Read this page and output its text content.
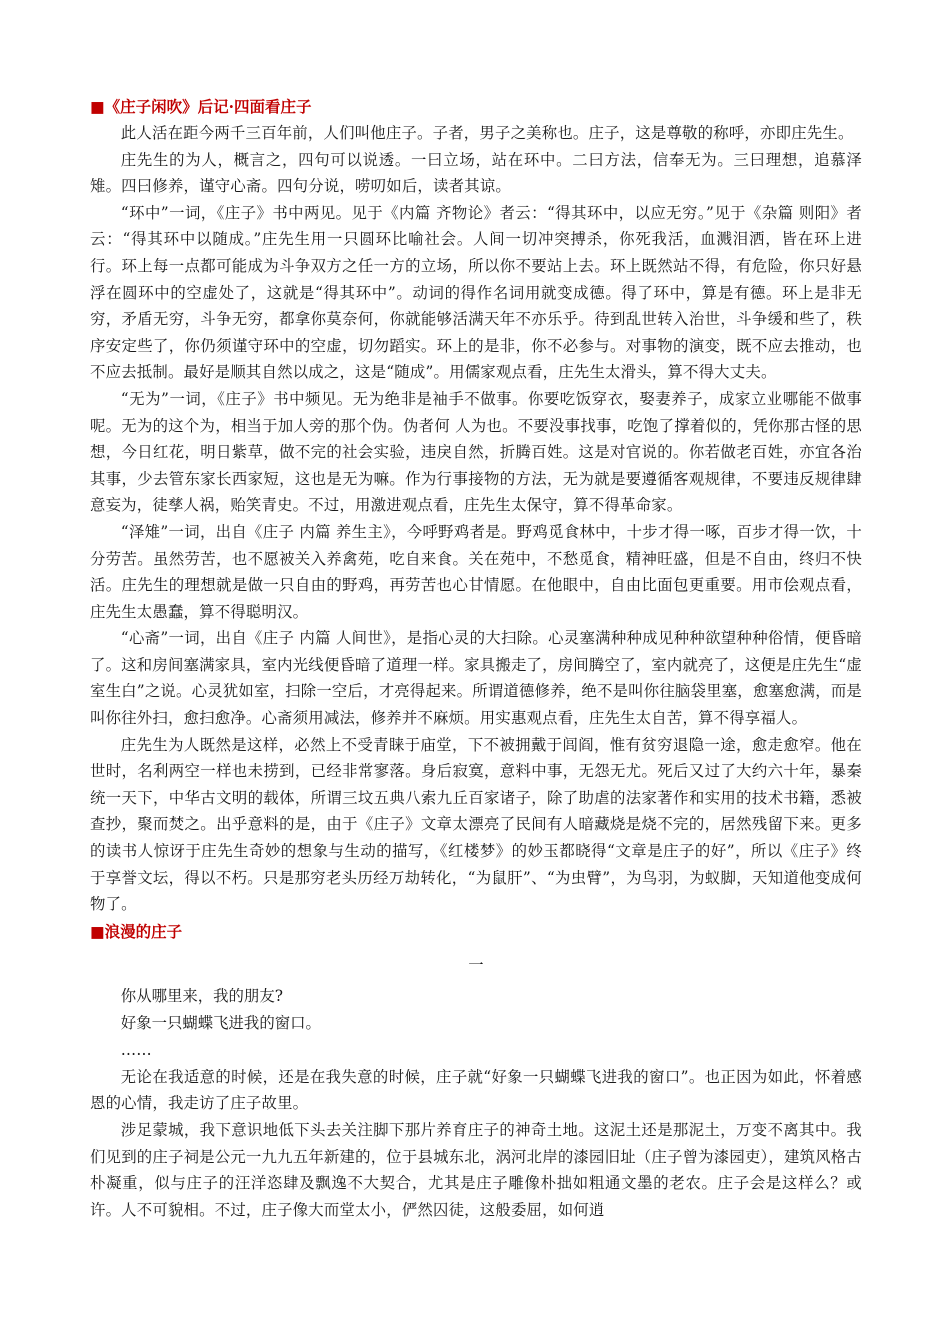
■《庄子闲吹》后记·四面看庄子

此人活在距今两千三百年前，人们叫他庄子。子者，男子之美称也。庄子，这是尊敬的称呼，亦即庄先生。

庄先生的为人，概言之，四句可以说透。一曰立场，站在环中。二曰方法，信奉无为。三曰理想，追慕泽雉。四曰修养，谨守心斋。四句分说，唠叨如后，读者其谅。

“环中”一词，《庄子》书中两见。见于《内篇 齐物论》者云：“得其环中，以应无穷。”见于《杂篇 则阳》者云：“得其环中以随成。”庄先生用一只圆环比喻社会。人间一切冲突搏杀，你死我活，血溅泪洒，皆在环上进行。环上每一点都可能成为斗争双方之任一方的立场，所以你不要站上去。环上既然站不得，有危险，你只好悬浮在圆环中的空虚处了，这就是“得其环中”。动词的得作名词用就变成德。得了环中，算是有德。环上是非无穷，矛盾无穷，斗争无穷，都拿你莫奈何，你就能够活满天年不亦乐乎。待到乱世转入治世，斗争缓和些了，秩序安定些了，你仍须谨守环中的空虚，切勿蹈实。环上的是非，你不必参与。对事物的演变，既不应去推动，也不应去抵制。最好是顺其自然以成之，这是“随成”。用儒家观点看，庄先生太滑头，算不得大丈夫。

“无为”一词，《庄子》书中频见。无为绝非是袖手不做事。你要吃饭穿衣，娶妻养子，成家立业哪能不做事呢。无为的这个为，相当于加人旁的那个伪。伪者何 人为也。不要没事找事，吃饱了撑着似的，凭你那古怪的思想，今日红花，明日紫草，做不完的社会实验，违戾自然，折腾百姓。这是对官说的。你若做老百姓，亦宜各治其事，少去管东家长西家短，这也是无为嘛。作为行事接物的方法，无为就是要遵循客观规律，不要违反规律肆意妄为，徒孳人祸，贻笑青史。不过，用激进观点看，庄先生太保守，算不得革命家。

“泽雉”一词，出自《庄子 内篇 养生主》，今呼野鸡者是。野鸡觅食林中，十步才得一啄，百步才得一饮，十分劳苦。虽然劳苦，也不愿被关入养禽苑，吃自来食。关在苑中，不愁觅食，精神旺盛，但是不自由，终归不快活。庄先生的理想就是做一只自由的野鸡，再劳苦也心甘情愿。在他眼中，自由比面包更重要。用市侩观点看，庄先生太愚蠢，算不得聪明汉。

“心斋”一词，出自《庄子 内篇 人间世》，是指心灵的大扫除。心灵塞满种种成见种种欲望种种俗情，便昏暗了。这和房间塞满家具，室内光线便昏暗了道理一样。家具搬走了，房间腾空了，室内就亮了，这便是庄先生“虚室生白”之说。心灵犹如室，扫除一空后，才亮得起来。所谓道德修养，绝不是叫你往脑袋里塞，愈塞愈满，而是叫你往外扫，愈扫愈净。心斋须用减法，修养并不麻烦。用实惠观点看，庄先生太自苦，算不得享福人。

庄先生为人既然是这样，必然上不受青睐于庙堂，下不被拥戴于闾阎，惟有贫穷退隐一途，愈走愈窄。他在世时，名利两空一样也未捞到，已经非常寥落。身后寂寞，意料中事，无怨无尤。死后又过了大约六十年，暴秦统一天下，中华古文明的载体，所谓三坟五典八索九丘百家诸子，除了助虐的法家著作和实用的技术书籍，悉被查抄，聚而焚之。出乎意料的是，由于《庄子》文章太漂亮了民间有人暗藏烧是烧不完的，居然残留下来。更多的读书人惊讶于庄先生奇妙的想象与生动的描写，《红楼梦》的妙玉都晓得“文章是庄子的好”，所以《庄子》终于享誉文坛，得以不朽。只是那穷老头历经万劫转化，“为鼠肝”、“为虫臂”，为鸟羽，为蚁脚，天知道他变成何物了。

■浪漫的庄子

一

你从哪里来，我的朋友?

好象一只蝴蝶飞进我的窗口。

……

无论在我适意的时候，还是在我失意的时候，庄子就“好象一只蝴蝶飞进我的窗口”。也正因为如此，怀着感恩的心情，我走访了庄子故里。

涉足蒙城，我下意识地低下头去关注脚下那片养育庄子的神奇土地。这泥土还是那泥土，万变不离其中。我们见到的庄子祠是公元一九九五年新建的，位于县城东北，涡河北岸的漆园旧址（庄子曾为漆园吏），建筑风格古朴凝重，似与庄子的汪洋恣肆及飘逸不大契合，尤其是庄子雕像朴拙如粗通文墨的老农。庄子会是这样么？或许。人不可貌相。不过，庄子像大而堂太小，俨然囚徒，这般委屈，如何逍
